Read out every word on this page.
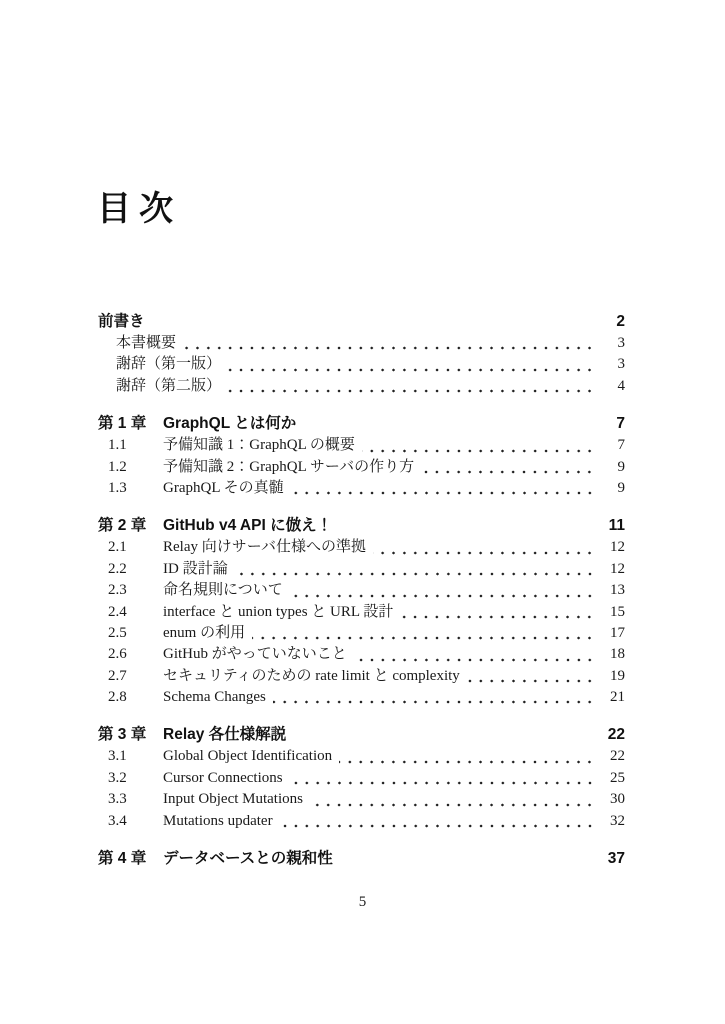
目次
前書き	2
本書概要	3
謝辞（第一版）	3
謝辞（第二版）	4
第 1 章	GraphQL とは何か	7
1.1	予備知識 1：GraphQL の概要	7
1.2	予備知識 2：GraphQL サーバの作り方	9
1.3	GraphQL その真髄	9
第 2 章	GitHub v4 API に倣え！	11
2.1	Relay 向けサーバ仕様への準拠	12
2.2	ID 設計論	12
2.3	命名規則について	13
2.4	interface と union types と URL 設計	15
2.5	enum の利用	17
2.6	GitHub がやっていないこと	18
2.7	セキュリティのための rate limit と complexity	19
2.8	Schema Changes	21
第 3 章	Relay 各仕様解説	22
3.1	Global Object Identification	22
3.2	Cursor Connections	25
3.3	Input Object Mutations	30
3.4	Mutations updater	32
第 4 章	データベースとの親和性	37
5
